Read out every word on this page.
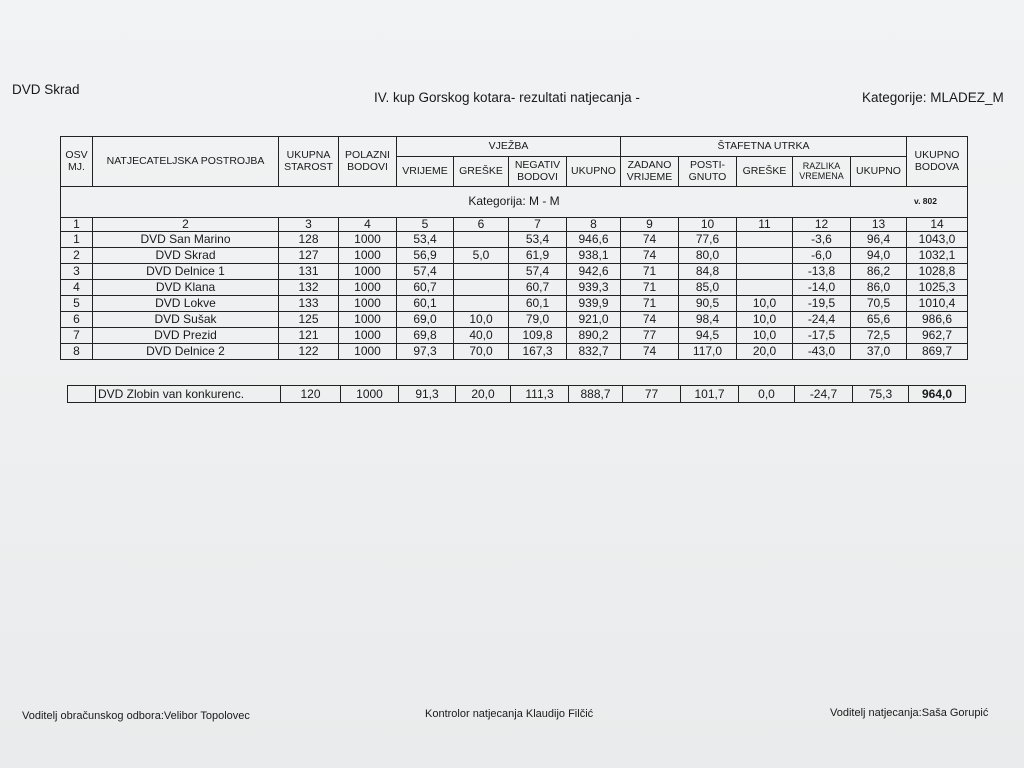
DVD Skrad
IV. kup Gorskog kotara- rezultati natjecanja -	Kategorije: MLADEZ_M
OSV MJ.	NATJECATELJSKA POSTROJBA	UKUPNA STAROST	POLAZNI BODOVI	VJEŽBA				ŠTAFETNA UTRKA					UKUPNO BODOVA
				VRIJEME	GREŠKE	NEGATIV BODOVI	UKUPNO	ZADANO VRIJEME	POSTI- GNUTO	GREŠKE	RAZLIKA VREMENA	UKUPNO	
Kategorija: M - M v. 802													

1	2	3	4	5	6	7	8	9	10	11	12	13	14
1	DVD San Marino	128	1000	53,4		53,4	946,6	74	77,6		-3,6	96,4	1043,0
2	DVD Skrad	127	1000	56,9	5,0	61,9	938,1	74	80,0		-6,0	94,0	1032,1
3	DVD Delnice 1	131	1000	57,4		57,4	942,6	71	84,8		-13,8	86,2	1028,8
4	DVD Klana	132	1000	60,7		60,7	939,3	71	85,0		-14,0	86,0	1025,3
5	DVD Lokve	133	1000	60,1		60,1	939,9	71	90,5	10,0	-19,5	70,5	1010,4
6	DVD Sušak	125	1000	69,0	10,0	79,0	921,0	74	98,4	10,0	-24,4	65,6	986,6
7	DVD Prezid	121	1000	69,8	40,0	109,8	890,2	77	94,5	10,0	-17,5	72,5	962,7
8	DVD Delnice 2	122	1000	97,3	70,0	167,3	832,7	74	117,0	20,0	-43,0	37,0	869,7
	DVD Zlobin van konkurenc.	120	1000	91,3	20,0	111,3	888,7	77	101,7	0,0	-24,7	75,3	964,0
Voditelj obračunskog odbora:Velibor Topolovec	Kontrolor natjecanja Klaudijo Filčić	Voditelj natjecanja:Saša Gorupić
